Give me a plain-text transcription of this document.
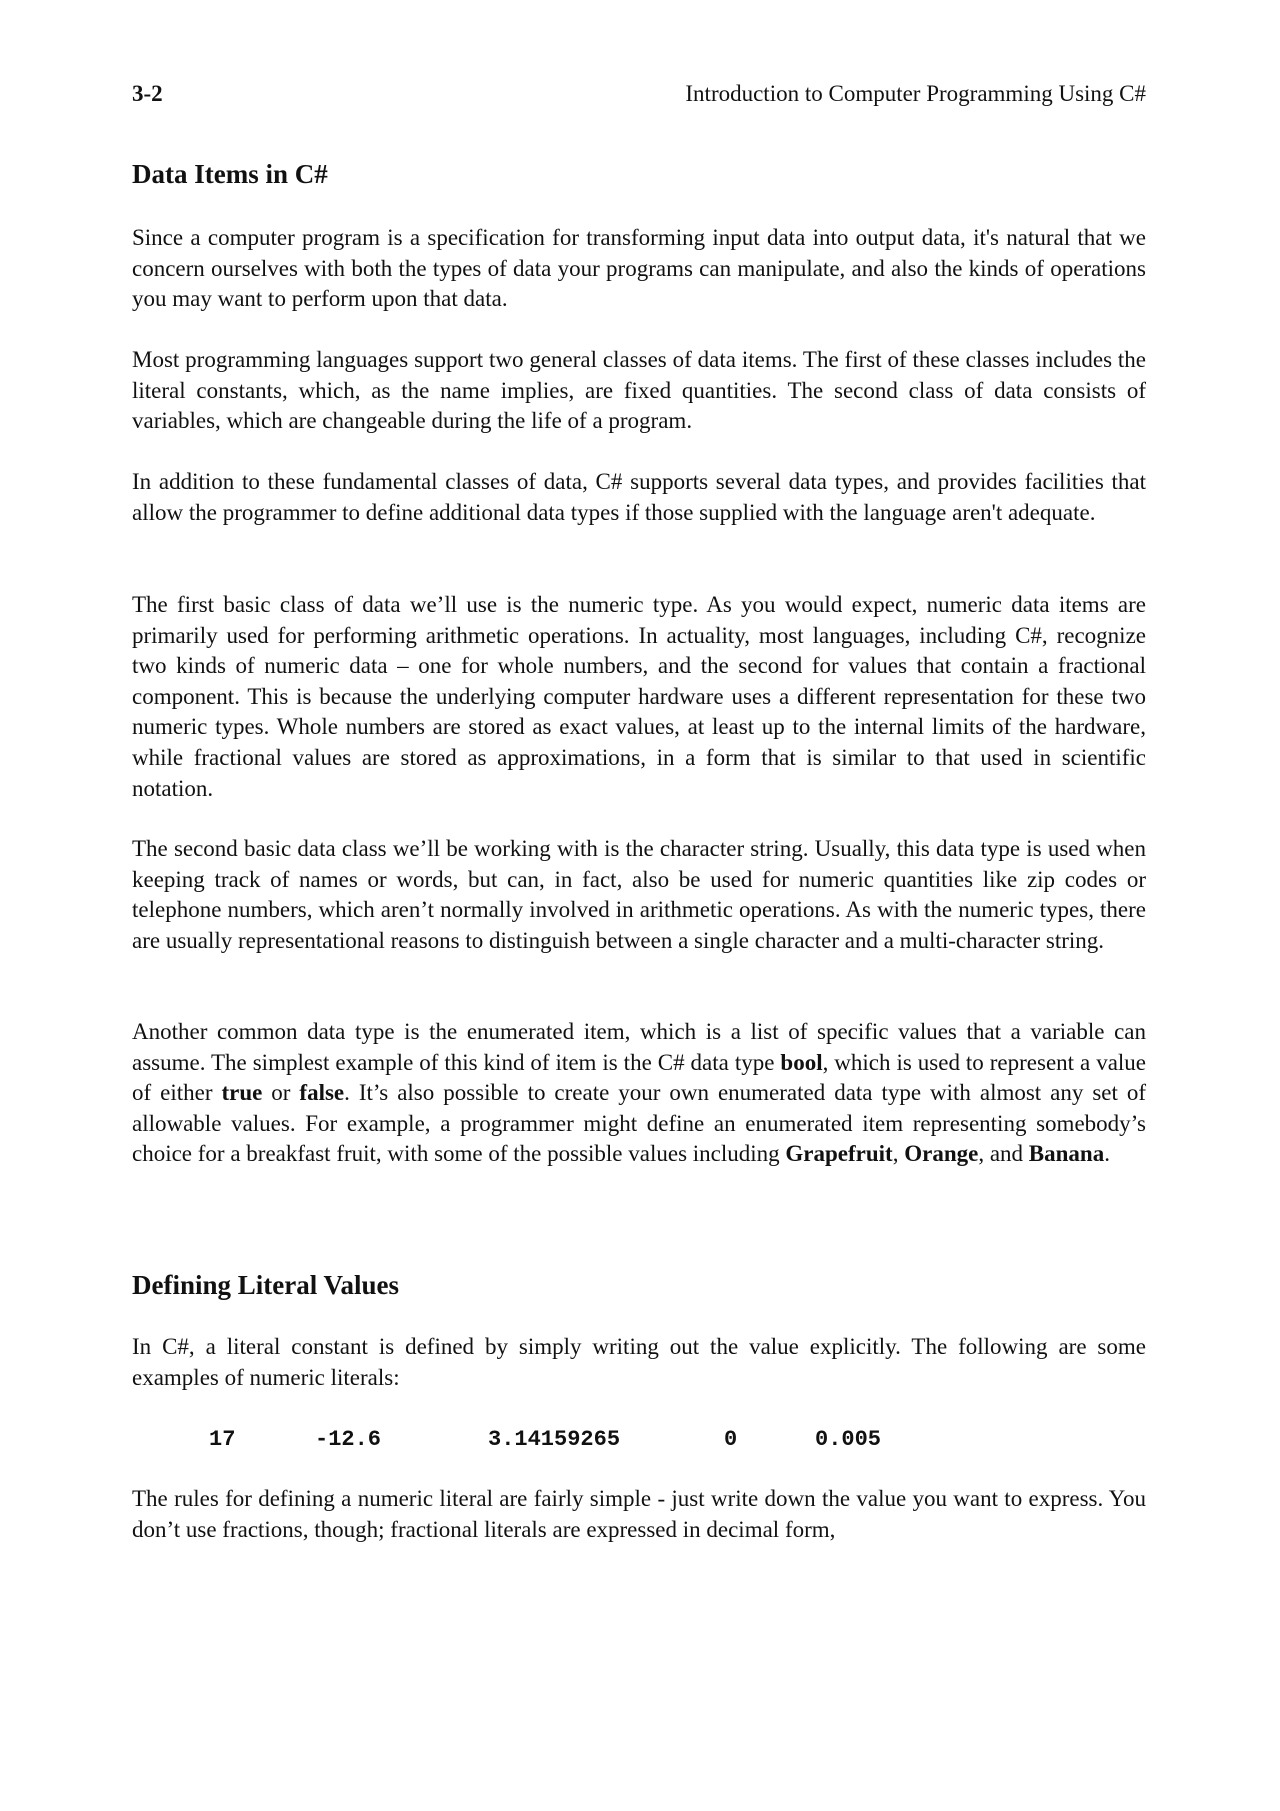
3-2	Introduction to Computer Programming Using C#
Data Items in C#

Since a computer program is a specification for transforming input data into output data, it's natural that we concern ourselves with both the types of data your programs can manipulate, and also the kinds of operations you may want to perform upon that data.

Most programming languages support two general classes of data items. The first of these classes includes the literal constants, which, as the name implies, are fixed quantities. The second class of data consists of variables, which are changeable during the life of a program.

In addition to these fundamental classes of data, C# supports several data types, and provides facilities that allow the programmer to define additional data types if those supplied with the language aren't adequate.

The first basic class of data we’ll use is the numeric type. As you would expect, numeric data items are primarily used for performing arithmetic operations. In actuality, most languages, including C#, recognize two kinds of numeric data – one for whole numbers, and the second for values that contain a fractional component. This is because the underlying computer hardware uses a different representation for these two numeric types. Whole numbers are stored as exact values, at least up to the internal limits of the hardware, while fractional values are stored as approximations, in a form that is similar to that used in scientific notation.

The second basic data class we’ll be working with is the character string. Usually, this data type is used when keeping track of names or words, but can, in fact, also be used for numeric quantities like zip codes or telephone numbers, which aren’t normally involved in arithmetic operations. As with the numeric types, there are usually representational reasons to distinguish between a single character and a multi-character string.

Another common data type is the enumerated item, which is a list of specific values that a variable can assume. The simplest example of this kind of item is the C# data type bool, which is used to represent a value of either true or false. It’s also possible to create your own enumerated data type with almost any set of allowable values. For example, a programmer might define an enumerated item representing somebody’s choice for a breakfast fruit, with some of the possible values including Grapefruit, Orange, and Banana.

Defining Literal Values

In C#, a literal constant is defined by simply writing out the value explicitly. The following are some examples of numeric literals:

17	-12.6	3.14159265	0	0.005

The rules for defining a numeric literal are fairly simple - just write down the value you want to express. You don’t use fractions, though; fractional literals are expressed in decimal form,
